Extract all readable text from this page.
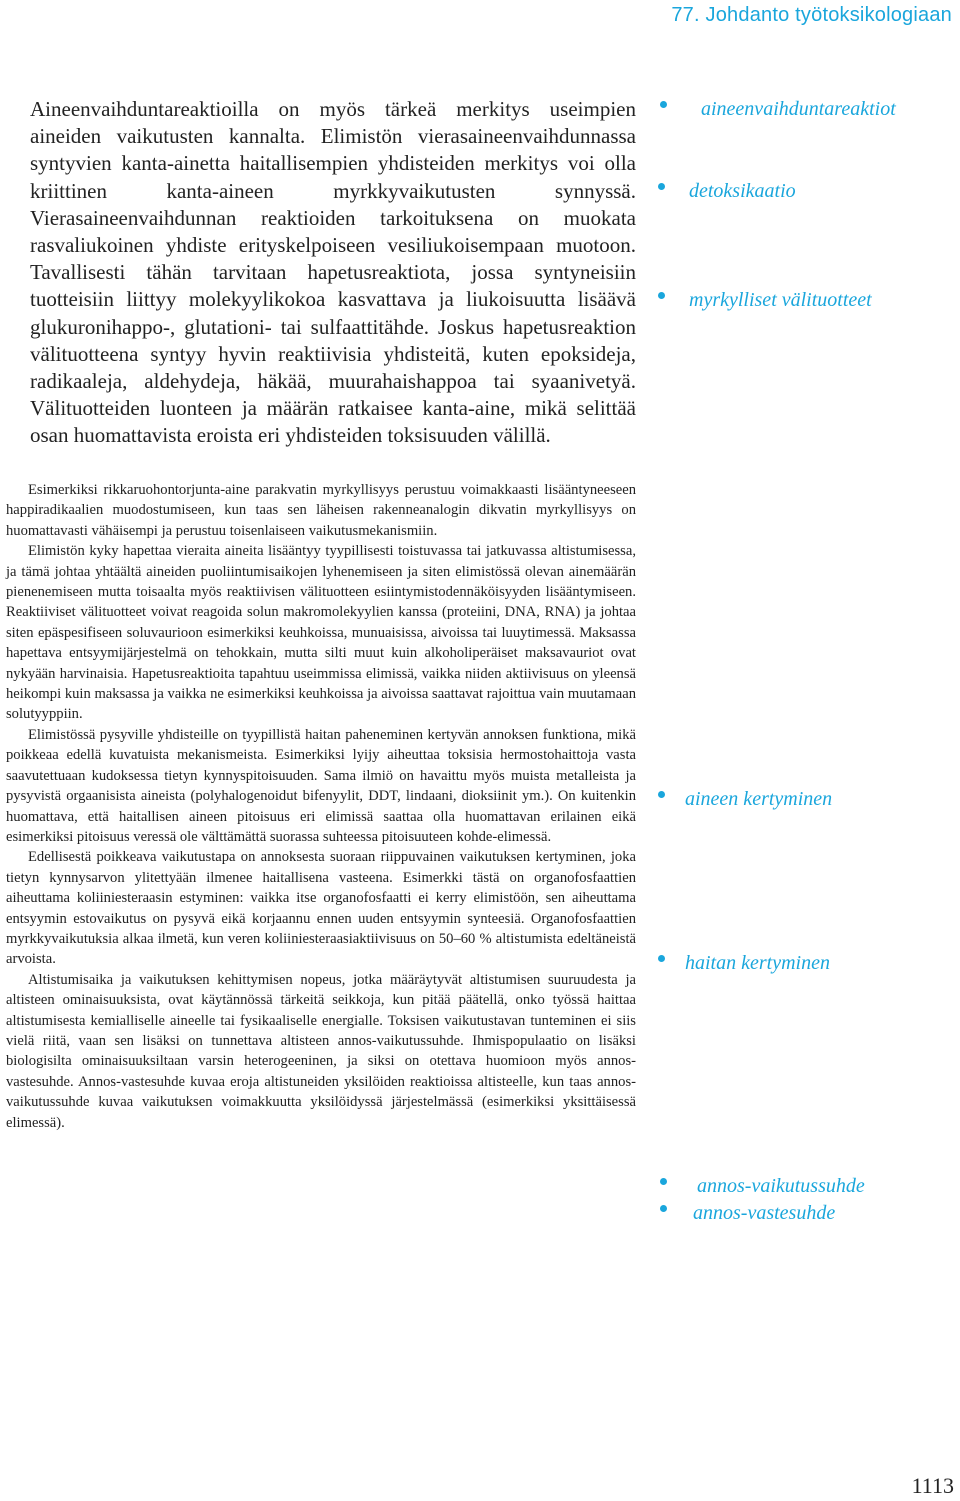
77. Johdanto työtoksikologiaan

Aineenvaihduntareaktioilla on myös tärkeä merkitys useimpien aineiden vaikutusten kannalta. Elimistön vierasaineenvaihdunnassa syntyvien kanta-ainetta haitallisempien yhdisteiden merkitys voi olla kriittinen kanta-aineen myrkkyvaikutusten synnyssä. Vierasaineenvaihdunnan reaktioiden tarkoituksena on muokata rasvaliukoinen yhdiste erityskelpoiseen vesiliukoisempaan muotoon. Tavallisesti tähän tarvitaan hapetusreaktiota, jossa syntyneisiin tuotteisiin liittyy molekyylikokoa kasvattava ja liukoisuutta lisäävä glukuronihappo-, glutationi- tai sulfaattitähde. Joskus hapetusreaktion välituotteena syntyy hyvin reaktiivisia yhdisteitä, kuten epoksideja, radikaaleja, aldehydeja, häkää, muurahaishappoa tai syaanivetyä. Välituotteiden luonteen ja määrän ratkaisee kanta-aine, mikä selittää osan huomattavista eroista eri yhdisteiden toksisuuden välillä.

Esimerkiksi rikkaruohontorjunta-aine parakvatin myrkyllisyys perustuu voimakkaasti lisääntyneeseen happiradikaalien muodostumiseen, kun taas sen läheisen rakenneanalogin dikvatin myrkyllisyys on huomattavasti vähäisempi ja perustuu toisenlaiseen vaikutusmekanismiin.

Elimistön kyky hapettaa vieraita aineita lisääntyy tyypillisesti toistuvassa tai jatkuvassa altistumisessa, ja tämä johtaa yhtäältä aineiden puoliintumisaikojen lyhenemiseen ja siten elimistössä olevan ainemäärän pienenemiseen mutta toisaalta myös reaktiivisen välituotteen esiintymistodennäköisyyden lisääntymiseen. Reaktiiviset välituotteet voivat reagoida solun makromolekyylien kanssa (proteiini, DNA, RNA) ja johtaa siten epäspesifiseen soluvaurioon esimerkiksi keuhkoissa, munuaisissa, aivoissa tai luuytimessä. Maksassa hapettava entsyymijärjestelmä on tehokkain, mutta silti muut kuin alkoholiperäiset maksavauriot ovat nykyään harvinaisia. Hapetusreaktioita tapahtuu useimmissa elimissä, vaikka niiden aktiivisuus on yleensä heikompi kuin maksassa ja vaikka ne esimerkiksi keuhkoissa ja aivoissa saattavat rajoittua vain muutamaan solutyyppiin.

Elimistössä pysyville yhdisteille on tyypillistä haitan paheneminen kertyvän annoksen funktiona, mikä poikkeaa edellä kuvatuista mekanismeista. Esimerkiksi lyijy aiheuttaa toksisia hermostohaittoja vasta saavutettuaan kudoksessa tietyn kynnyspitoisuuden. Sama ilmiö on havaittu myös muista metalleista ja pysyvistä orgaanisista aineista (polyhalogenoidut bifenyylit, DDT, lindaani, dioksiinit ym.). On kuitenkin huomattava, että haitallisen aineen pitoisuus eri elimissä saattaa olla huomattavan erilainen eikä esimerkiksi pitoisuus veressä ole välttämättä suorassa suhteessa pitoisuuteen kohde-elimessä.

Edellisestä poikkeava vaikutustapa on annoksesta suoraan riippuvainen vaikutuksen kertyminen, joka tietyn kynnysarvon ylitettyään ilmenee haitallisena vasteena. Esimerkki tästä on organofosfaattien aiheuttama koliiniesteraasin estyminen: vaikka itse organofosfaatti ei kerry elimistöön, sen aiheuttama entsyymin estovaikutus on pysyvä eikä korjaannu ennen uuden entsyymin synteesiä. Organofosfaattien myrkkyvaikutuksia alkaa ilmetä, kun veren koliiniesteraasiaktiivisuus on 50–60 % altistumista edeltäneistä arvoista.

Altistumisaika ja vaikutuksen kehittymisen nopeus, jotka määräytyvät altistumisen suuruudesta ja altisteen ominaisuuksista, ovat käytännössä tärkeitä seikkoja, kun pitää päätellä, onko työssä haittaa altistumisesta kemialliselle aineelle tai fysikaaliselle energialle. Toksisen vaikutustavan tunteminen ei siis vielä riitä, vaan sen lisäksi on tunnettava altisteen annos-vaikutussuhde. Ihmispopulaatio on lisäksi biologisilta ominaisuuksiltaan varsin heterogeeninen, ja siksi on otettava huomioon myös annos-vastesuhde. Annos-vastesuhde kuvaa eroja altistuneiden yksilöiden reaktioissa altisteelle, kun taas annos-vaikutussuhde kuvaa vaikutuksen voimakkuutta yksilöidyssä järjestelmässä (esimerkiksi yksittäisessä elimessä).

aineenvaihduntareaktiot
detoksikaatio
myrkylliset välituotteet
aineen kertyminen
haitan kertyminen
annos-vaikutussuhde
annos-vastesuhde
1113
